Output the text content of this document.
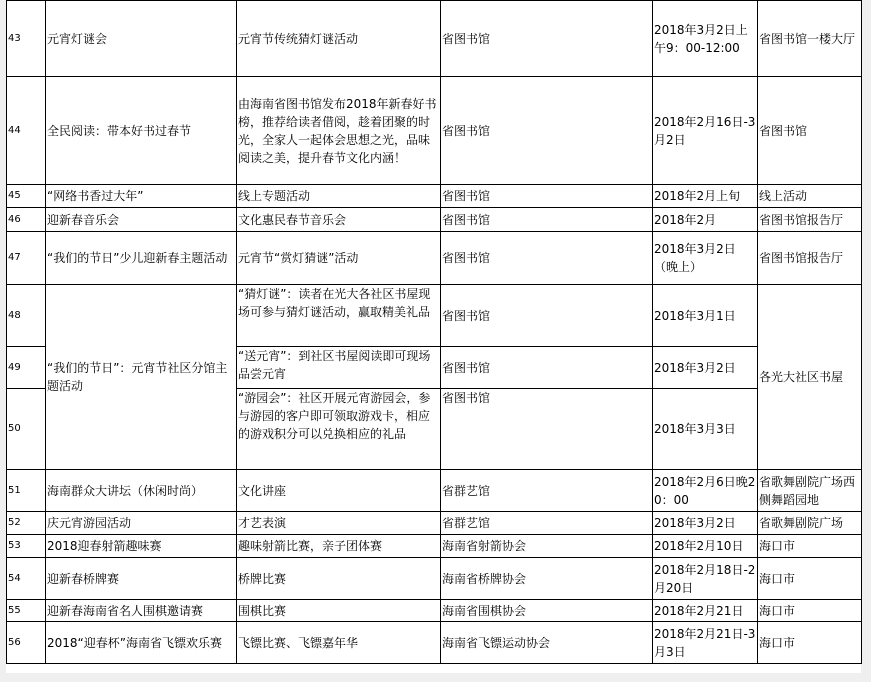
43	元宵灯谜会	元宵节传统猜灯谜活动	省图书馆	2018年3月2日上午9：00-12:00	省图书馆一楼大厅
44	全民阅读：带本好书过春节	由海南省图书馆发布2018年新春好书榜，推荐给读者借阅，趁着团聚的时光，全家人一起体会思想之光，品味阅读之美，提升春节文化内涵！	省图书馆	2018年2月16日-3月2日	省图书馆
45	“网络书香过大年”	线上专题活动	省图书馆	2018年2月上旬	线上活动
46	迎新春音乐会	文化惠民春节音乐会	省图书馆	2018年2月	省图书馆报告厅
47	“我们的节日”少儿迎新春主题活动	元宵节“赏灯猜谜”活动	省图书馆	2018年3月2日（晚上）	省图书馆报告厅
48	“我们的节日”：元宵节社区分馆主题活动	“猜灯谜”：读者在光大各社区书屋现场可参与猜灯谜活动，赢取精美礼品	省图书馆	2018年3月1日	各光大社区书屋
49		“送元宵”：到社区书屋阅读即可现场品尝元宵	省图书馆	2018年3月2日	
50		“游园会”：社区开展元宵游园会，参与游园的客户即可领取游戏卡，相应的游戏积分可以兑换相应的礼品	省图书馆	2018年3月3日	
51	海南群众大讲坛（休闲时尚）	文化讲座	省群艺馆	2018年2月6日晚20：00	省歌舞剧院广场西侧舞蹈园地
52	庆元宵游园活动	才艺表演	省群艺馆	2018年3月2日	省歌舞剧院广场
53	2018迎春射箭趣味赛	趣味射箭比赛，亲子团体赛	海南省射箭协会	2018年2月10日	海口市
54	迎新春桥牌赛	桥牌比赛	海南省桥牌协会	2018年2月18日-2月20日	海口市
55	迎新春海南省名人围棋邀请赛	围棋比赛	海南省围棋协会	2018年2月21日	海口市
56	2018“迎春杯”海南省飞镖欢乐赛	飞镖比赛、飞镖嘉年华	海南省飞镖运动协会	2018年2月21日-3月3日	海口市
